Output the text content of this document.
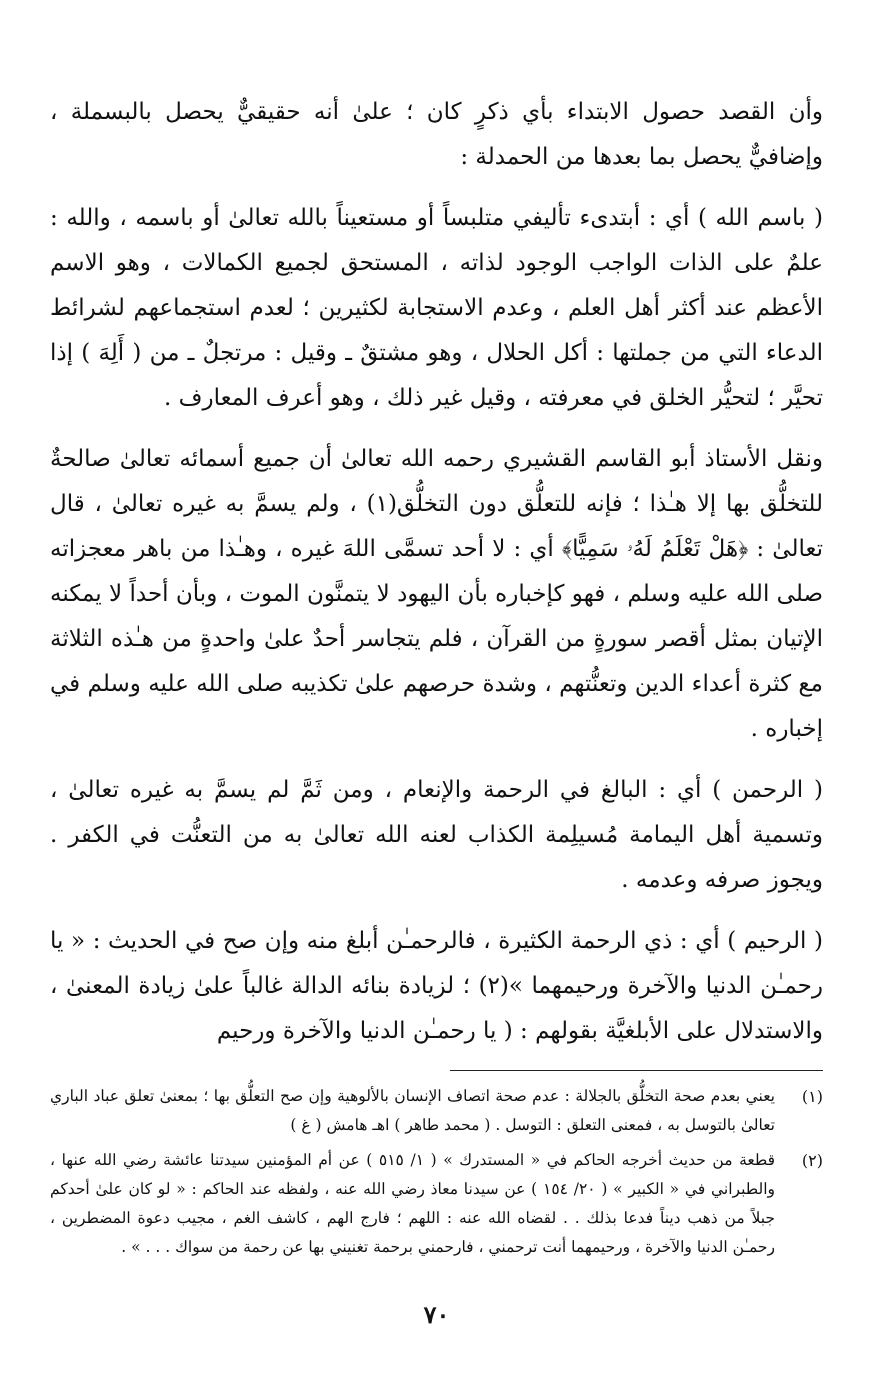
وأن القصد حصول الابتداء بأي ذكرٍ كان ؛ علىٰ أنه حقيقيٌّ يحصل بالبسملة ، وإضافيٌّ يحصل بما بعدها من الحمدلة :

( باسم الله ) أي : أبتدىء تأليفي متلبساً أو مستعيناً بالله تعالىٰ أو باسمه ، والله : علمٌ على الذات الواجب الوجود لذاته ، المستحق لجميع الكمالات ، وهو الاسم الأعظم عند أكثر أهل العلم ، وعدم الاستجابة لكثيرين ؛ لعدم استجماعهم لشرائط الدعاء التي من جملتها : أكل الحلال ، وهو مشتقٌ ـ وقيل : مرتجلٌ ـ من ( أَلِهَ ) إذا تحيَّر ؛ لتحيُّر الخلق في معرفته ، وقيل غير ذلك ، وهو أعرف المعارف .

ونقل الأستاذ أبو القاسم القشيري رحمه الله تعالىٰ أن جميع أسمائه تعالىٰ صالحةٌ للتخلُّق بها إلا هـٰذا ؛ فإنه للتعلُّق دون التخلُّق(١) ، ولم يسمَّ به غيره تعالىٰ ، قال تعالىٰ : ﴿هَلْ تَعْلَمُ لَهُۥ سَمِيًّا﴾ أي : لا أحد تسمَّى اللهَ غيره ، وهـٰذا من باهر معجزاته صلى الله عليه وسلم ، فهو كإخباره بأن اليهود لا يتمنَّون الموت ، وبأن أحداً لا يمكنه الإتيان بمثل أقصر سورةٍ من القرآن ، فلم يتجاسر أحدٌ علىٰ واحدةٍ من هـٰذه الثلاثة مع كثرة أعداء الدين وتعنُّتهم ، وشدة حرصهم علىٰ تكذيبه صلى الله عليه وسلم في إخباره .

( الرحمن ) أي : البالغ في الرحمة والإنعام ، ومن ثَمَّ لم يسمَّ به غيره تعالىٰ ، وتسمية أهل اليمامة مُسيلِمة الكذاب لعنه الله تعالىٰ به من التعنُّت في الكفر . ويجوز صرفه وعدمه .

( الرحيم ) أي : ذي الرحمة الكثيرة ، فالرحمـٰن أبلغ منه وإن صح في الحديث : « يا رحمـٰن الدنيا والآخرة ورحيمهما »(٢) ؛ لزيادة بنائه الدالة غالباً علىٰ زيادة المعنىٰ ، والاستدلال على الأبلغيَّة بقولهم : ( يا رحمـٰن الدنيا والآخرة ورحيم

(١)
يعني بعدم صحة التخلُّق بالجلالة : عدم صحة اتصاف الإنسان بالألوهية وإن صح التعلُّق بها ؛ بمعنىٰ تعلق عباد الباري تعالىٰ بالتوسل به ، فمعنى التعلق : التوسل . ( محمد طاهر ) اهـ هامش ( غ )
(٢)
قطعة من حديث أخرجه الحاكم في « المستدرك » ( ١/ ٥١٥ ) عن أم المؤمنين سيدتنا عائشة رضي الله عنها ، والطبراني في « الكبير » ( ٢٠/ ١٥٤ ) عن سيدنا معاذ رضي الله عنه ، ولفظه عند الحاكم : « لو كان علىٰ أحدكم جبلاً من ذهب ديناً فدعا بذلك . . لقضاه الله عنه : اللهم ؛ فارج الهم ، كاشف الغم ، مجيب دعوة المضطرين ، رحمـٰن الدنيا والآخرة ، ورحيمهما أنت ترحمني ، فارحمني برحمة تغنيني بها عن رحمة من سواك . . . » .
٧٠
